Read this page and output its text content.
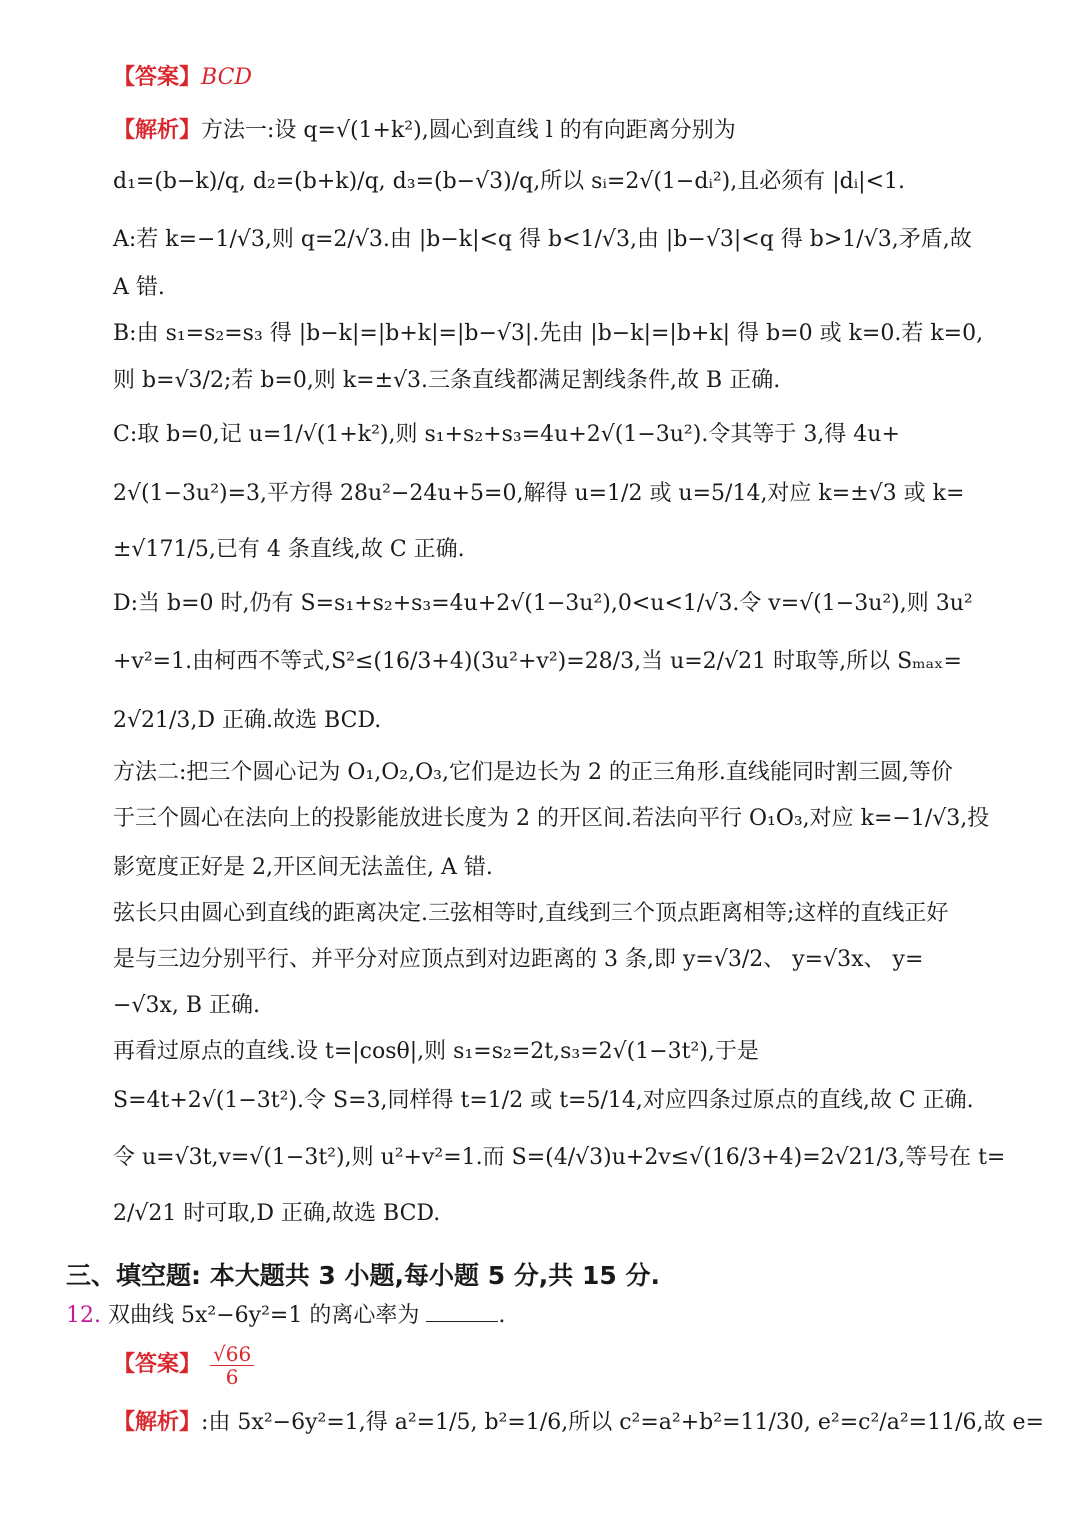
【答案】BCD
【解析】方法一:设 q=√(1+k²),圆心到直线 l 的有向距离分别为
d₁=(b−k)/q, d₂=(b+k)/q, d₃=(b−√3)/q,所以 sᵢ=2√(1−dᵢ²),且必须有 |dᵢ|<1.
A:若 k=−1/√3,则 q=2/√3.由 |b−k|<q 得 b<1/√3,由 |b−√3|<q 得 b>1/√3,矛盾,故
A 错.
B:由 s₁=s₂=s₃ 得 |b−k|=|b+k|=|b−√3|.先由 |b−k|=|b+k| 得 b=0 或 k=0.若 k=0,
则 b=√3/2;若 b=0,则 k=±√3.三条直线都满足割线条件,故 B 正确.
C:取 b=0,记 u=1/√(1+k²),则 s₁+s₂+s₃=4u+2√(1−3u²).令其等于 3,得 4u+
2√(1−3u²)=3,平方得 28u²−24u+5=0,解得 u=1/2 或 u=5/14,对应 k=±√3 或 k=
±√171/5,已有 4 条直线,故 C 正确.
D:当 b=0 时,仍有 S=s₁+s₂+s₃=4u+2√(1−3u²),0<u<1/√3.令 v=√(1−3u²),则 3u²
+v²=1.由柯西不等式,S²≤(16/3+4)(3u²+v²)=28/3,当 u=2/√21 时取等,所以 Sₘₐₓ=
2√21/3,D 正确.故选 BCD.
方法二:把三个圆心记为 O₁,O₂,O₃,它们是边长为 2 的正三角形.直线能同时割三圆,等价
于三个圆心在法向上的投影能放进长度为 2 的开区间.若法向平行 O₁O₃,对应 k=−1/√3,投
影宽度正好是 2,开区间无法盖住, A 错.
弦长只由圆心到直线的距离决定.三弦相等时,直线到三个顶点距离相等;这样的直线正好
是与三边分别平行、并平分对应顶点到对边距离的 3 条,即 y=√3/2、 y=√3x、 y=
−√3x, B 正确.
再看过原点的直线.设 t=|cosθ|,则 s₁=s₂=2t,s₃=2√(1−3t²),于是
S=4t+2√(1−3t²).令 S=3,同样得 t=1/2 或 t=5/14,对应四条过原点的直线,故 C 正确.
令 u=√3t,v=√(1−3t²),则 u²+v²=1.而 S=(4/√3)u+2v≤√(16/3+4)=2√21/3,等号在 t=
2/√21 时可取,D 正确,故选 BCD.
三、填空题: 本大题共 3 小题,每小题 5 分,共 15 分.
12. 双曲线 5x²−6y²=1 的离心率为	.
【答案】 $\frac{√66}{6}$
【解析】:由 5x²−6y²=1,得 a²=1/5, b²=1/6,所以 c²=a²+b²=11/30, e²=c²/a²=11/6,故 e=
